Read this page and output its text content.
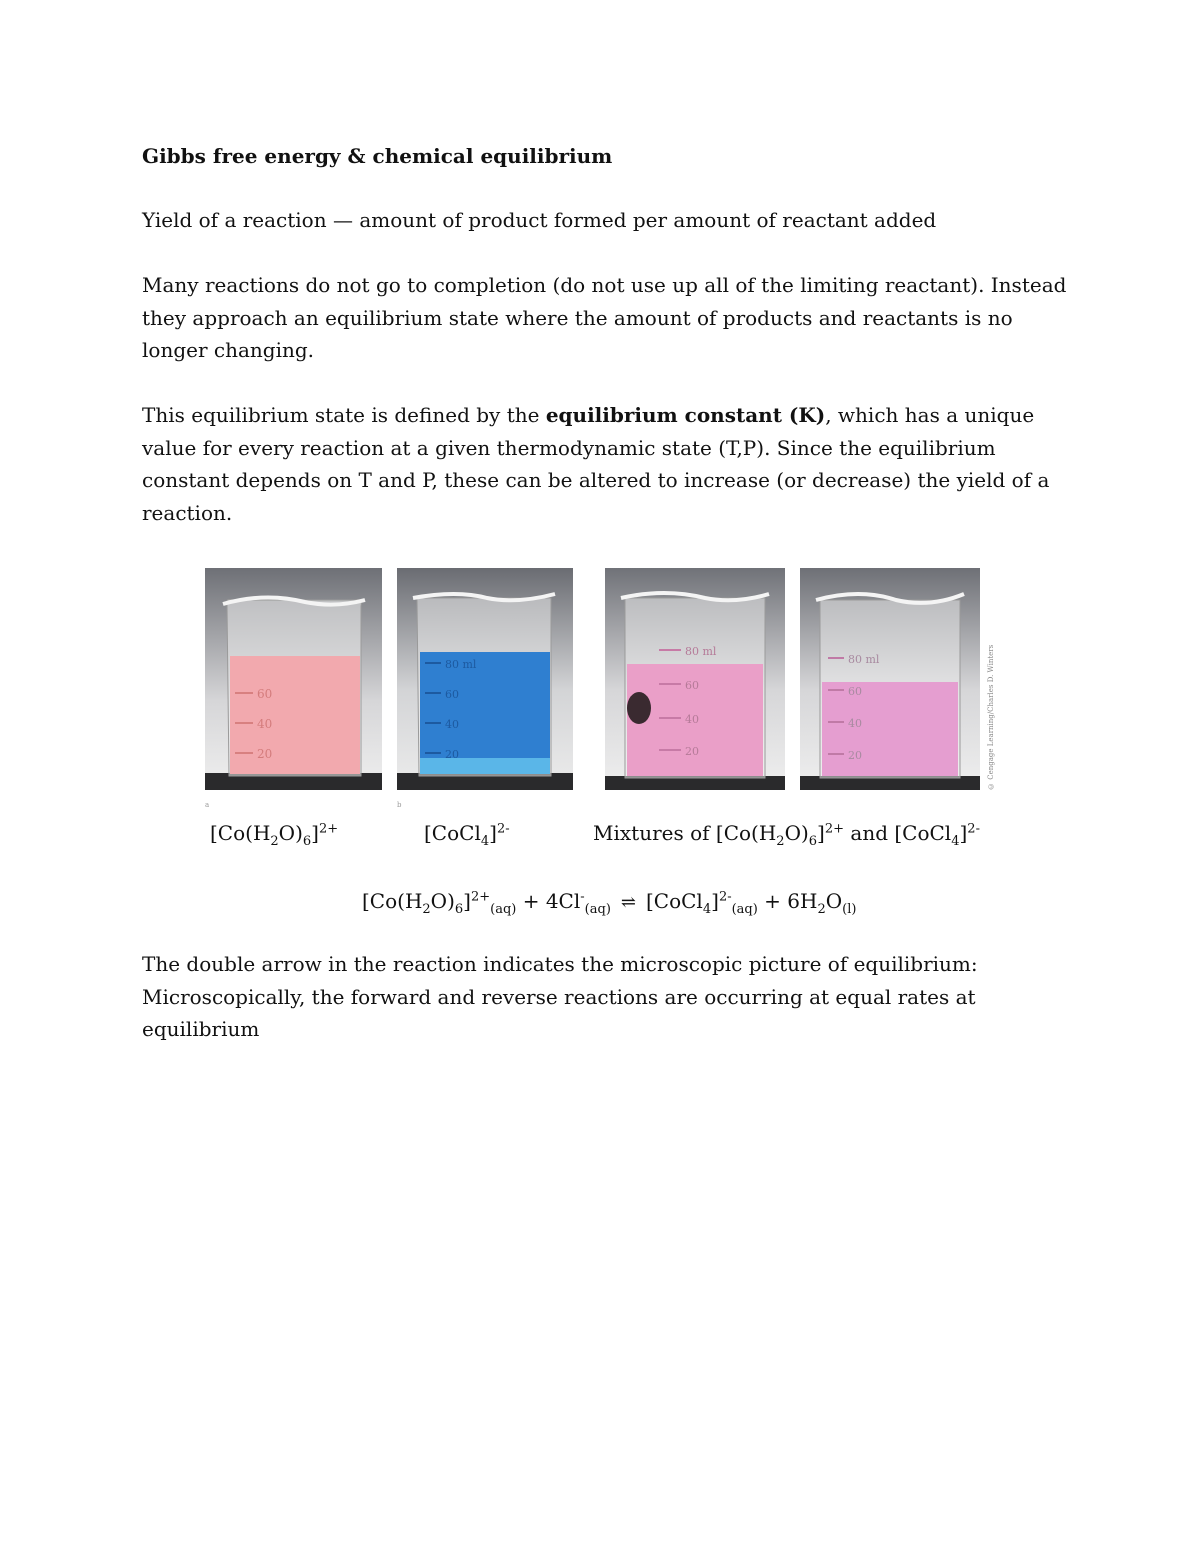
Gibbs free energy & chemical equilibrium
Yield of a reaction — amount of product formed per amount of reactant added
Many reactions do not go to completion (do not use up all of the limiting reactant). Instead they approach an equilibrium state where the amount of products and reactants is no longer changing.
This equilibrium state is defined by the equilibrium constant (K), which has a unique value for every reaction at a given thermodynamic state (T,P). Since the equilibrium constant depends on T and P, these can be altered to increase (or decrease) the yield of a reaction.
60
40
20
80 ml
60
40
20
80 ml
60
40
20
80 ml
60
40
20
a	b
© Cengage Learning/Charles D. Winters
$[Co(H_2O)_6]^{2+}$	[CoCl$_4$]$^{2-}$	Mixtures of $[Co(H_2O)_6]^{2+}$ and [CoCl$_4$]$^{2-}$
$[Co(H_2O)_6]^{2+}_{(aq)} + 4Cl^-_{(aq)}$ ⇌ [CoCl$_4$]$^{2-}_{(aq)}$ + $6H_2O_{(l)}$
The double arrow in the reaction indicates the microscopic picture of equilibrium: Microscopically, the forward and reverse reactions are occurring at equal rates at equilibrium
